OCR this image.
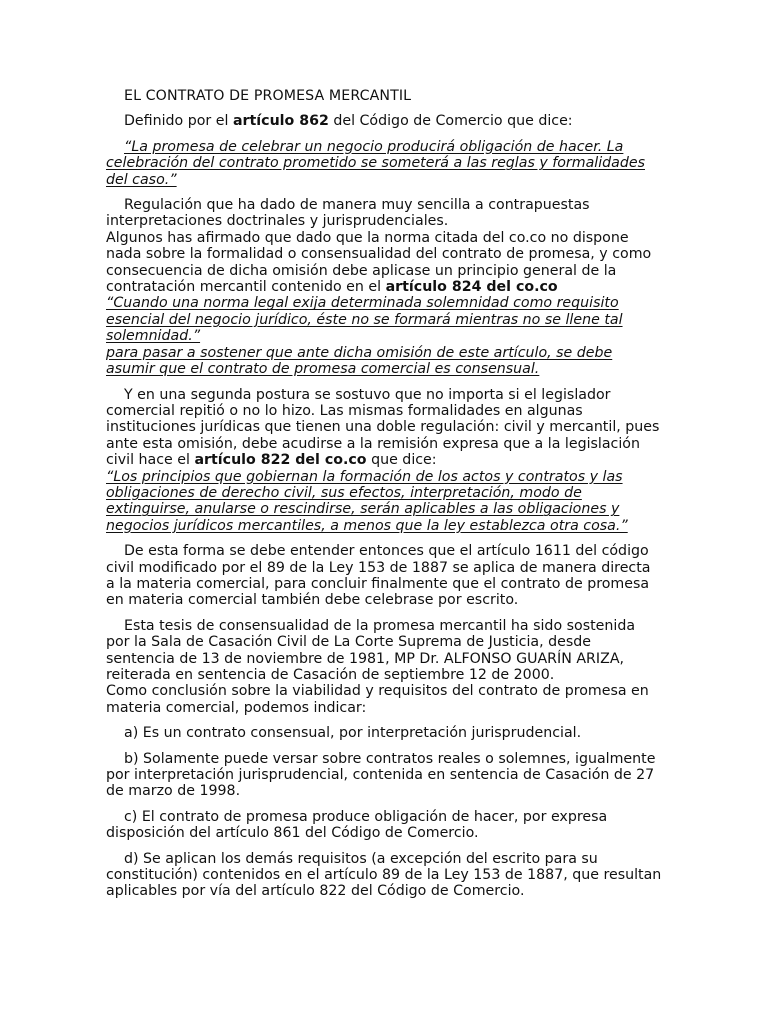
EL CONTRATO DE PROMESA MERCANTIL

Definido por el artículo 862 del Código de Comercio que dice:

“La promesa de celebrar un negocio producirá obligación de hacer. La celebración del contrato prometido se someterá a las reglas y formalidades del caso.”

Regulación que ha dado de manera muy sencilla a contrapuestas interpretaciones doctrinales y jurisprudenciales.

Algunos has afirmado que dado que la norma citada del co.co no dispone nada sobre la formalidad o consensualidad del contrato de promesa, y como consecuencia de dicha omisión debe aplicase un principio general de la contratación mercantil contenido en el artículo 824 del co.co

“Cuando una norma legal exija determinada solemnidad como requisito esencial del negocio jurídico, éste no se formará mientras no se llene tal solemnidad.”

para pasar a sostener que ante dicha omisión de este artículo, se debe asumir que el contrato de promesa comercial es consensual.

Y en una segunda postura se sostuvo que no importa si el legislador comercial repitió o no lo hizo. Las mismas formalidades en algunas instituciones jurídicas que tienen una doble regulación: civil y mercantil, pues ante esta omisión, debe acudirse a la remisión expresa que a la legislación civil hace el artículo 822 del co.co que dice:

“Los principios que gobiernan la formación de los actos y contratos y las obligaciones de derecho civil, sus efectos, interpretación, modo de extinguirse, anularse o rescindirse, serán aplicables a las obligaciones y negocios jurídicos mercantiles, a menos que la ley establezca otra cosa.”

De esta forma se debe entender entonces que el artículo 1611 del código civil modificado por el 89 de la Ley 153 de 1887 se aplica de manera directa a la materia comercial, para concluir finalmente que el contrato de promesa en materia comercial también debe celebrase por escrito.

Esta tesis de consensualidad de la promesa mercantil ha sido sostenida por la Sala de Casación Civil de La Corte Suprema de Justicia, desde sentencia de 13 de noviembre de 1981, MP Dr. ALFONSO GUARÍN ARIZA, reiterada en sentencia de Casación de septiembre 12 de 2000.

Como conclusión sobre la viabilidad y requisitos del contrato de promesa en materia comercial, podemos indicar:

a) Es un contrato consensual, por interpretación jurisprudencial.

b) Solamente puede versar sobre contratos reales o solemnes, igualmente por interpretación jurisprudencial, contenida en sentencia de Casación de 27 de marzo de 1998.

c) El contrato de promesa produce obligación de hacer, por expresa disposición del artículo 861 del Código de Comercio.

d) Se aplican los demás requisitos (a excepción del escrito para su constitución) contenidos en el artículo 89 de la Ley 153 de 1887, que resultan aplicables por vía del artículo 822 del Código de Comercio.
